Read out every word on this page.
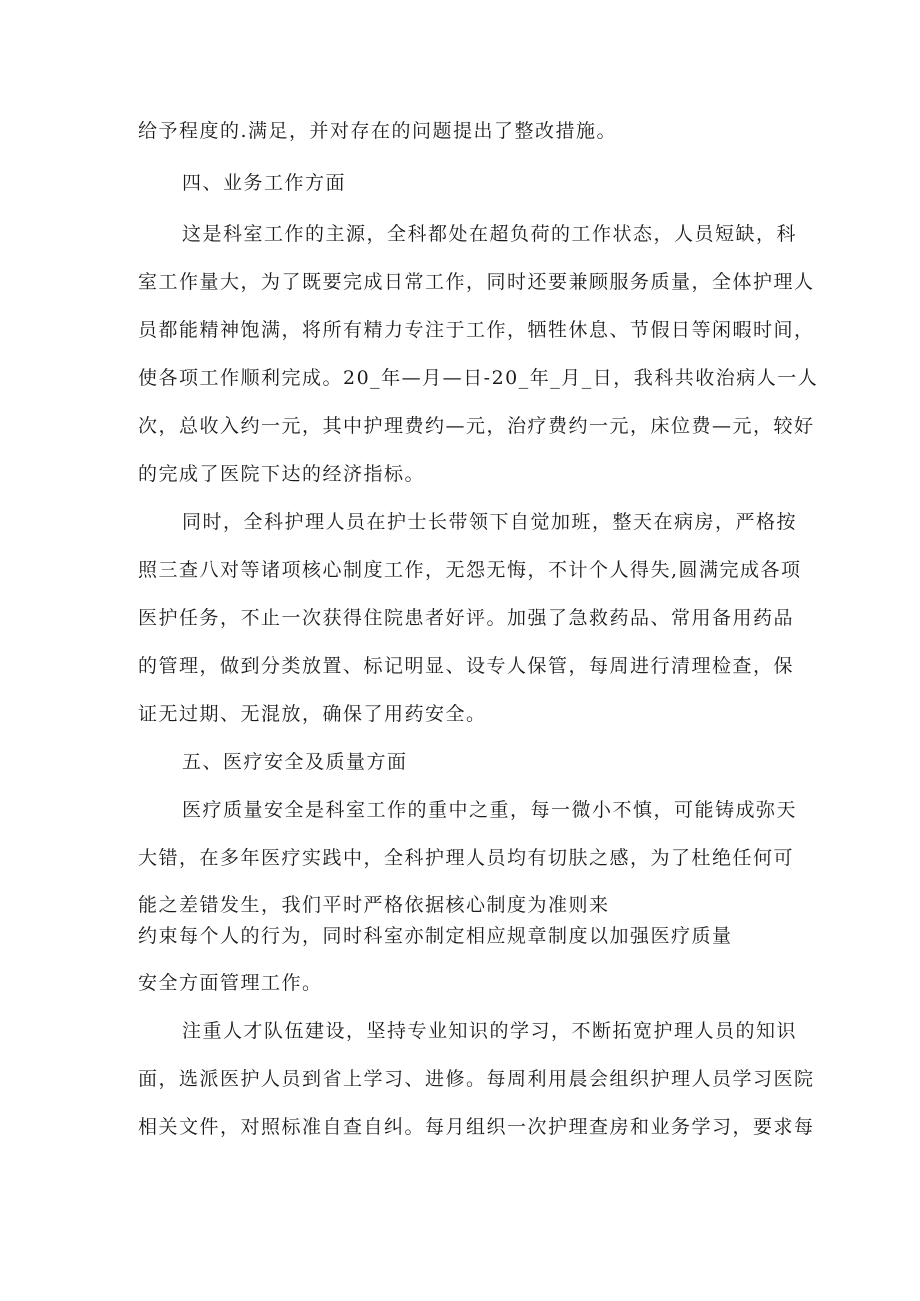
给予程度的.满足，并对存在的问题提出了整改措施。
四、业务工作方面
这是科室工作的主源，全科都处在超负荷的工作状态，人员短缺，科
室工作量大，为了既要完成日常工作，同时还要兼顾服务质量，全体护理人
员都能精神饱满，将所有精力专注于工作，牺牲休息、节假日等闲暇时间，
使各项工作顺利完成。20_年—月—日-20_年_月_日，我科共收治病人一人
次，总收入约一元，其中护理费约—元，治疗费约一元，床位费—元，较好
的完成了医院下达的经济指标。
同时，全科护理人员在护士长带领下自觉加班，整天在病房，严格按
照三查八对等诸项核心制度工作，无怨无悔，不计个人得失,圆满完成各项
医护任务，不止一次获得住院患者好评。加强了急救药品、常用备用药品
的管理，做到分类放置、标记明显、设专人保管，每周进行清理检查，保
证无过期、无混放，确保了用药安全。
五、医疗安全及质量方面
医疗质量安全是科室工作的重中之重，每一微小不慎，可能铸成弥天
大错，在多年医疗实践中，全科护理人员均有切肤之感，为了杜绝任何可
能之差错发生，我们平时严格依据核心制度为准则来
约束每个人的行为，同时科室亦制定相应规章制度以加强医疗质量
安全方面管理工作。
注重人才队伍建设，坚持专业知识的学习，不断拓宽护理人员的知识
面，选派医护人员到省上学习、进修。每周利用晨会组织护理人员学习医院
相关文件，对照标准自查自纠。每月组织一次护理查房和业务学习，要求每
